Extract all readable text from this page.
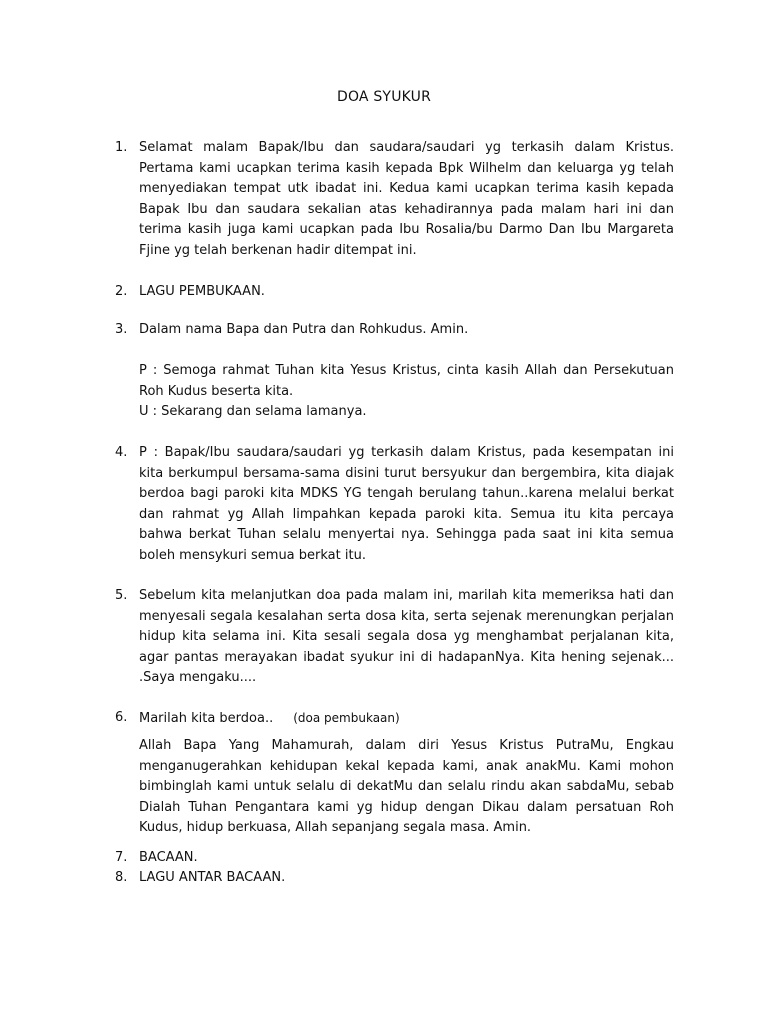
DOA SYUKUR
1. Selamat malam Bapak/Ibu dan saudara/saudari yg terkasih dalam Kristus. Pertama kami ucapkan terima kasih kepada Bpk Wilhelm dan keluarga yg telah menyediakan tempat utk ibadat ini. Kedua kami ucapkan terima kasih kepada Bapak Ibu dan saudara sekalian atas kehadirannya pada malam hari ini dan terima kasih juga kami ucapkan pada Ibu Rosalia/bu Darmo Dan Ibu Margareta Fjine yg telah berkenan hadir ditempat ini.
2. LAGU PEMBUKAAN.
3. Dalam nama Bapa dan Putra dan Rohkudus. Amin.
P : Semoga rahmat Tuhan kita Yesus Kristus, cinta kasih Allah dan Persekutuan Roh Kudus beserta kita.
U : Sekarang dan selama lamanya.
4. P : Bapak/Ibu saudara/saudari yg terkasih dalam Kristus, pada kesempatan ini kita berkumpul bersama-sama disini turut bersyukur dan bergembira, kita diajak berdoa bagi paroki kita MDKS YG tengah berulang tahun..karena melalui berkat dan rahmat yg Allah limpahkan kepada paroki kita. Semua itu kita percaya bahwa berkat Tuhan selalu menyertai nya. Sehingga pada saat ini kita semua boleh mensykuri semua berkat itu.
5. Sebelum kita melanjutkan doa pada malam ini, marilah kita memeriksa hati dan menyesali segala kesalahan serta dosa kita, serta sejenak merenungkan perjalan hidup kita selama ini. Kita sesali segala dosa yg menghambat perjalanan kita, agar pantas merayakan ibadat syukur ini di hadapanNya. Kita hening sejenak... .Saya mengaku....
6. Marilah kita berdoa.. (doa pembukaan)
Allah Bapa Yang Mahamurah, dalam diri Yesus Kristus PutraMu, Engkau menganugerahkan kehidupan kekal kepada kami, anak anakMu. Kami mohon bimbinglah kami untuk selalu di dekatMu dan selalu rindu akan sabdaMu, sebab Dialah Tuhan Pengantara kami yg hidup dengan Dikau dalam persatuan Roh Kudus, hidup berkuasa, Allah sepanjang segala masa. Amin.
7. BACAAN.
8. LAGU ANTAR BACAAN.
